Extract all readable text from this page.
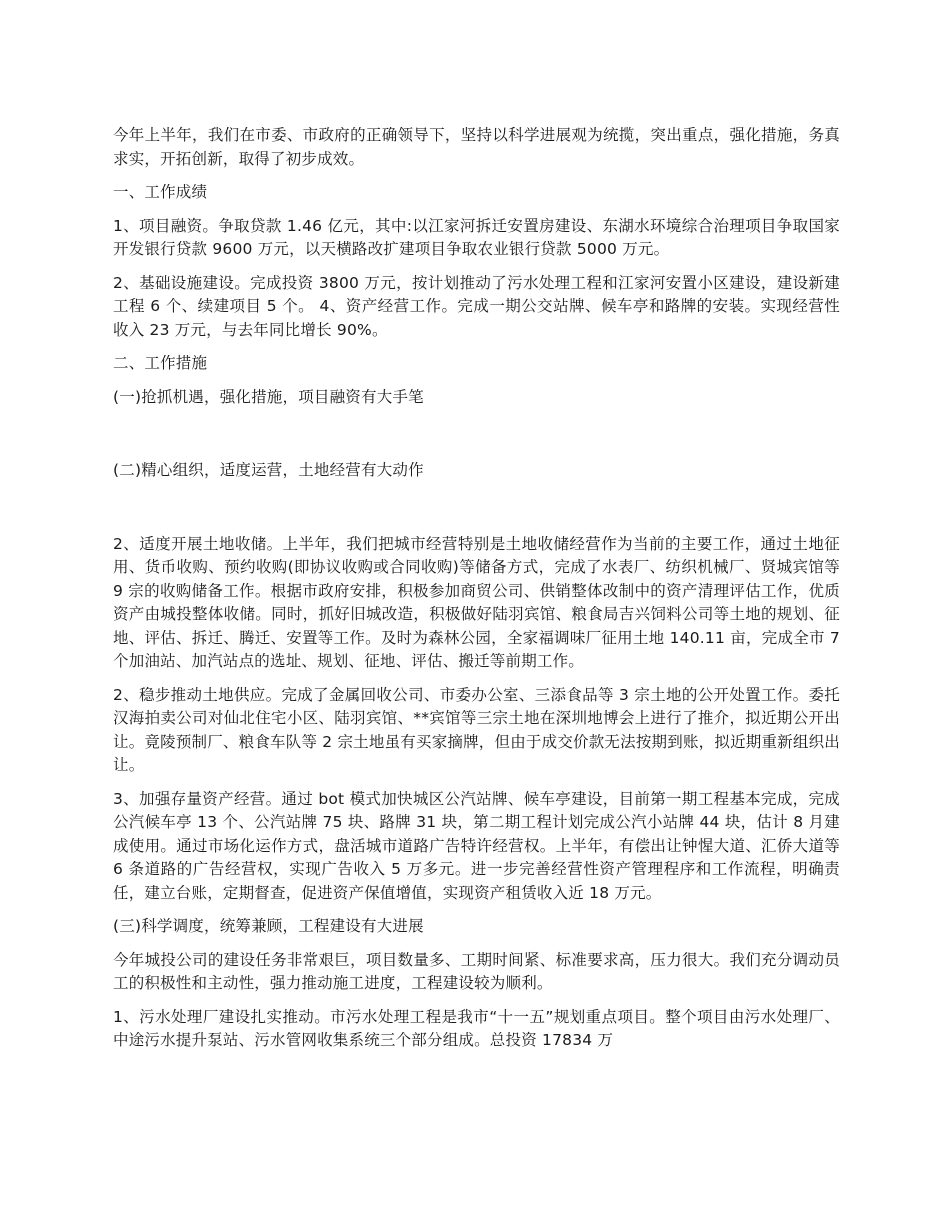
今年上半年，我们在市委、市政府的正确领导下，坚持以科学进展观为统揽，突出重点，强化措施，务真求实，开拓创新，取得了初步成效。

一、工作成绩

1、项目融资。争取贷款 1.46 亿元，其中:以江家河拆迁安置房建设、东湖水环境综合治理项目争取国家开发银行贷款 9600 万元，以天横路改扩建项目争取农业银行贷款 5000 万元。

2、基础设施建设。完成投资 3800 万元，按计划推动了污水处理工程和江家河安置小区建设，建设新建工程 6 个、续建项目 5 个。 4、资产经营工作。完成一期公交站牌、候车亭和路牌的安装。实现经营性收入 23 万元，与去年同比增长 90%。

二、工作措施

(一)抢抓机遇，强化措施，项目融资有大手笔

(二)精心组织，适度运营，土地经营有大动作

2、适度开展土地收储。上半年，我们把城市经营特别是土地收储经营作为当前的主要工作，通过土地征用、货币收购、预约收购(即协议收购或合同收购)等储备方式，完成了水表厂、纺织机械厂、贤城宾馆等 9 宗的收购储备工作。根据市政府安排，积极参加商贸公司、供销整体改制中的资产清理评估工作，优质资产由城投整体收储。同时，抓好旧城改造，积极做好陆羽宾馆、粮食局吉兴饲料公司等土地的规划、征地、评估、拆迁、腾迁、安置等工作。及时为森林公园，全家福调味厂征用土地 140.11 亩，完成全市 7 个加油站、加汽站点的选址、规划、征地、评估、搬迁等前期工作。

2、稳步推动土地供应。完成了金属回收公司、市委办公室、三添食品等 3 宗土地的公开处置工作。委托汉海拍卖公司对仙北住宅小区、陆羽宾馆、**宾馆等三宗土地在深圳地博会上进行了推介，拟近期公开出让。竟陵预制厂、粮食车队等 2 宗土地虽有买家摘牌，但由于成交价款无法按期到账，拟近期重新组织出让。

3、加强存量资产经营。通过 bot 模式加快城区公汽站牌、候车亭建设，目前第一期工程基本完成，完成公汽候车亭 13 个、公汽站牌 75 块、路牌 31 块，第二期工程计划完成公汽小站牌 44 块，估计 8 月建成使用。通过市场化运作方式，盘活城市道路广告特许经营权。上半年，有偿出让钟惺大道、汇侨大道等 6 条道路的广告经营权，实现广告收入 5 万多元。进一步完善经营性资产管理程序和工作流程，明确责任，建立台账，定期督查，促进资产保值增值，实现资产租赁收入近 18 万元。

(三)科学调度，统筹兼顾，工程建设有大进展

今年城投公司的建设任务非常艰巨，项目数量多、工期时间紧、标准要求高，压力很大。我们充分调动员工的积极性和主动性，强力推动施工进度，工程建设较为顺利。

1、污水处理厂建设扎实推动。市污水处理工程是我市“十一五”规划重点项目。整个项目由污水处理厂、中途污水提升泵站、污水管网收集系统三个部分组成。总投资 17834 万
